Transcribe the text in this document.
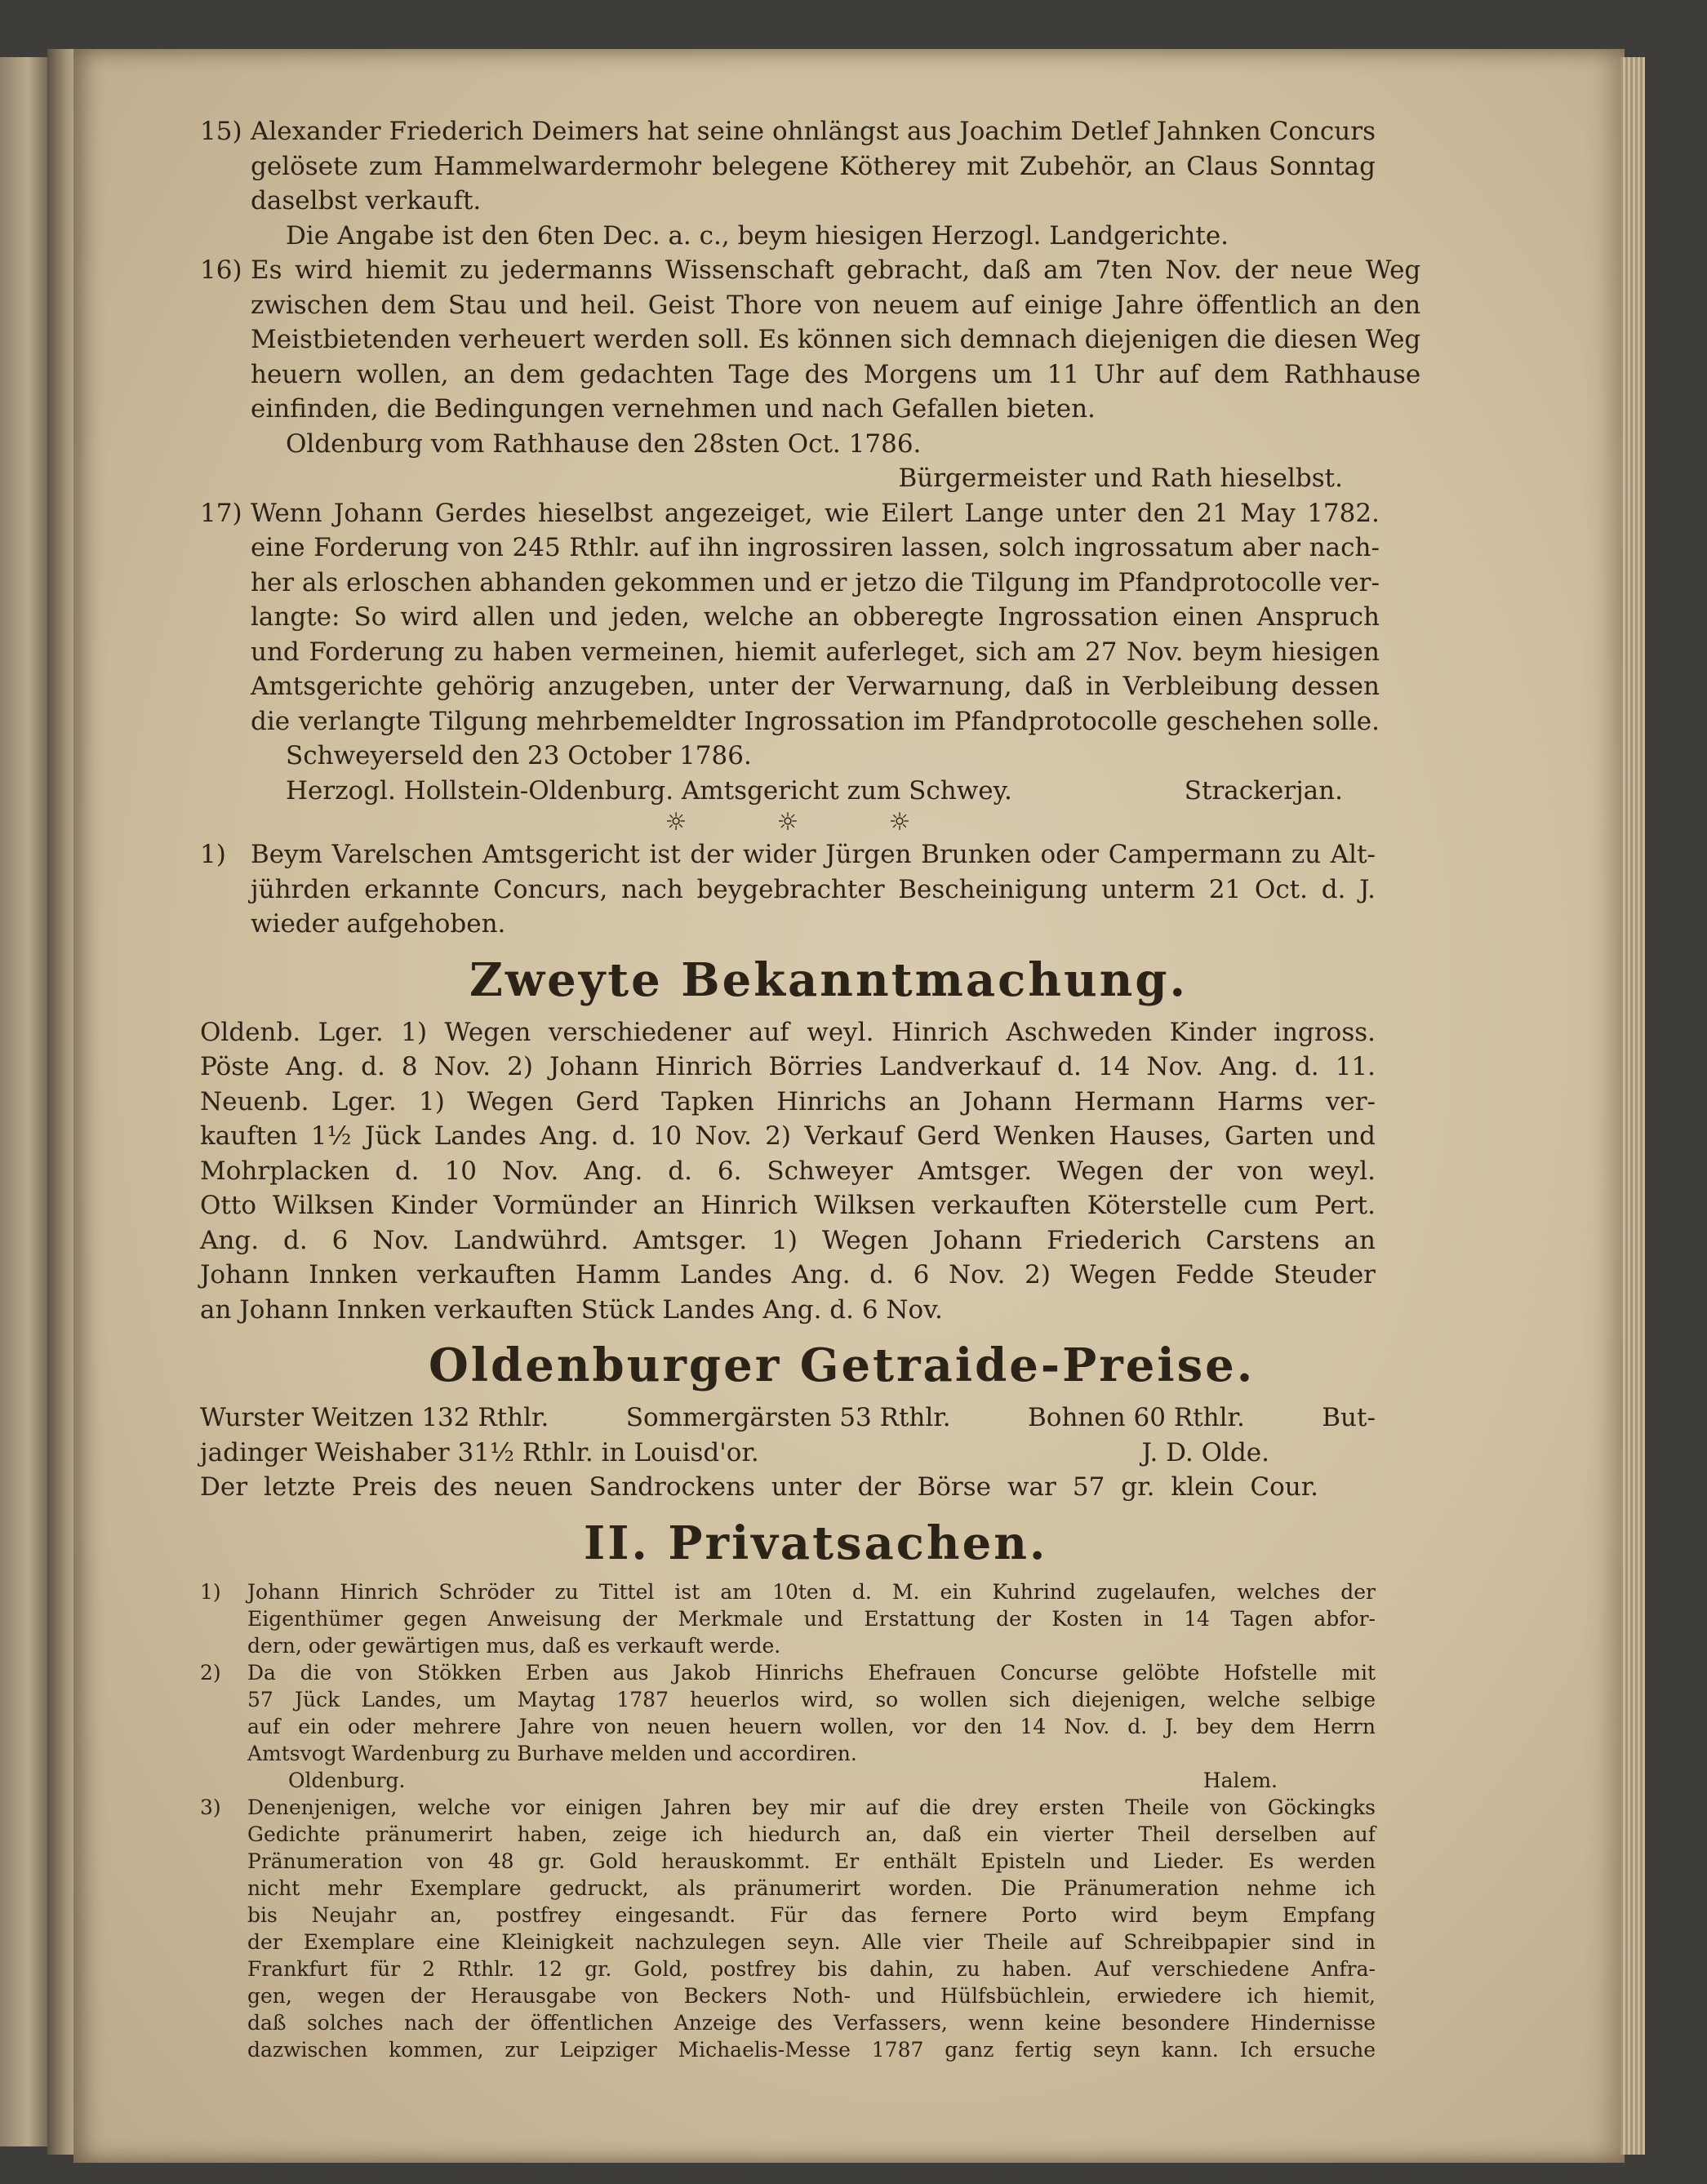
15) Alexander Friederich Deimers hat seine ohnlängst aus Joachim Detlef Jahnken Concurs
gelösete zum Hammelwardermohr belegene Kötherey mit Zubehör, an Claus Sonntag
daselbst verkauft.
Die Angabe ist den 6ten Dec. a. c., beym hiesigen Herzogl. Landgerichte.
16) Es wird hiemit zu jedermanns Wissenschaft gebracht, daß am 7ten Nov. der neue Weg
zwischen dem Stau und heil. Geist Thore von neuem auf einige Jahre öffentlich an den
Meistbietenden verheuert werden soll. Es können sich demnach diejenigen die diesen Weg
heuern wollen, an dem gedachten Tage des Morgens um 11 Uhr auf dem Rathhause
einfinden, die Bedingungen vernehmen und nach Gefallen bieten.
Oldenburg vom Rathhause den 28sten Oct. 1786.
Bürgermeister und Rath hieselbst.
17) Wenn Johann Gerdes hieselbst angezeiget, wie Eilert Lange unter den 21 May 1782.
eine Forderung von 245 Rthlr. auf ihn ingrossiren lassen, solch ingrossatum aber nach-
her als erloschen abhanden gekommen und er jetzo die Tilgung im Pfandprotocolle ver-
langte: So wird allen und jeden, welche an obberegte Ingrossation einen Anspruch
und Forderung zu haben vermeinen, hiemit auferleget, sich am 27 Nov. beym hiesigen
Amtsgerichte gehörig anzugeben, unter der Verwarnung, daß in Verbleibung dessen
die verlangte Tilgung mehrbemeldter Ingrossation im Pfandprotocolle geschehen solle.
Schweyerseld den 23 October 1786.
Herzogl. Hollstein-Oldenburg. Amtsgericht zum Schwey.	Strackerjan.
☼	☼	☼
1) Beym Varelschen Amtsgericht ist der wider Jürgen Brunken oder Campermann zu Alt-
jührden erkannte Concurs, nach beygebrachter Bescheinigung unterm 21 Oct. d. J.
wieder aufgehoben.
Zweyte Bekanntmachung.
Oldenb. Lger. 1) Wegen verschiedener auf weyl. Hinrich Aschweden Kinder ingross.
Pöste Ang. d. 8 Nov. 2) Johann Hinrich Börries Landverkauf d. 14 Nov. Ang. d. 11.
Neuenb. Lger. 1) Wegen Gerd Tapken Hinrichs an Johann Hermann Harms ver-
kauften 1½ Jück Landes Ang. d. 10 Nov. 2) Verkauf Gerd Wenken Hauses, Garten und
Mohrplacken d. 10 Nov. Ang. d. 6. Schweyer Amtsger. Wegen der von weyl.
Otto Wilksen Kinder Vormünder an Hinrich Wilksen verkauften Köterstelle cum Pert.
Ang. d. 6 Nov. Landwührd. Amtsger. 1) Wegen Johann Friederich Carstens an
Johann Innken verkauften Hamm Landes Ang. d. 6 Nov. 2) Wegen Fedde Steuder
an Johann Innken verkauften Stück Landes Ang. d. 6 Nov.
Oldenburger Getraide-Preise.
Wurster Weitzen 132 Rthlr.	Sommergärsten 53 Rthlr.	Bohnen 60 Rthlr.	But-
jadinger Weishaber 31½ Rthlr. in Louisd'or.	J. D. Olde.
Der letzte Preis des neuen Sandrockens unter der Börse war 57 gr. klein Cour.
II. Privatsachen.
1)	Johann Hinrich Schröder zu Tittel ist am 10ten d. M. ein Kuhrind zugelaufen, welches der
Eigenthümer gegen Anweisung der Merkmale und Erstattung der Kosten in 14 Tagen abfor-
dern, oder gewärtigen mus, daß es verkauft werde.
2)	Da die von Stökken Erben aus Jakob Hinrichs Ehefrauen Concurse gelöbte Hofstelle mit
57 Jück Landes, um Maytag 1787 heuerlos wird, so wollen sich diejenigen, welche selbige
auf ein oder mehrere Jahre von neuen heuern wollen, vor den 14 Nov. d. J. bey dem Herrn
Amtsvogt Wardenburg zu Burhave melden und accordiren.
Oldenburg.	Halem.
3)	Denenjenigen, welche vor einigen Jahren bey mir auf die drey ersten Theile von Göckingks
Gedichte pränumerirt haben, zeige ich hiedurch an, daß ein vierter Theil derselben auf
Pränumeration von 48 gr. Gold herauskommt. Er enthält Episteln und Lieder. Es werden
nicht mehr Exemplare gedruckt, als pränumerirt worden. Die Pränumeration nehme ich
bis Neujahr an, postfrey eingesandt. Für das fernere Porto wird beym Empfang
der Exemplare eine Kleinigkeit nachzulegen seyn. Alle vier Theile auf Schreibpapier sind in
Frankfurt für 2 Rthlr. 12 gr. Gold, postfrey bis dahin, zu haben. Auf verschiedene Anfra-
gen, wegen der Herausgabe von Beckers Noth- und Hülfsbüchlein, erwiedere ich hiemit,
daß solches nach der öffentlichen Anzeige des Verfassers, wenn keine besondere Hindernisse
dazwischen kommen, zur Leipziger Michaelis-Messe 1787 ganz fertig seyn kann. Ich ersuche
